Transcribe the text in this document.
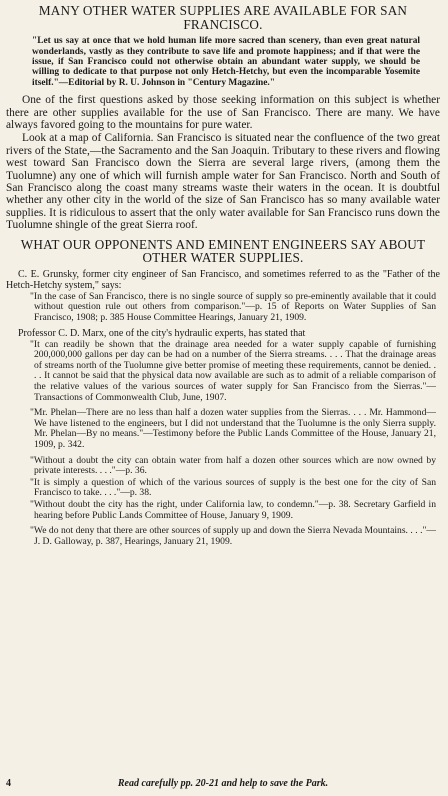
MANY OTHER WATER SUPPLIES ARE AVAILABLE FOR SAN FRANCISCO.

"Let us say at once that we hold human life more sacred than scenery, than even great natural wonderlands, vastly as they contribute to save life and promote happiness; and if that were the issue, if San Francisco could not otherwise obtain an abundant water supply, we should be willing to dedicate to that purpose not only Hetch-Hetchy, but even the incomparable Yosemite itself."—Editorial by R. U. Johnson in "Century Magazine."

One of the first questions asked by those seeking information on this subject is whether there are other supplies available for the use of San Francisco. There are many. We have always favored going to the mountains for pure water.

Look at a map of California. San Francisco is situated near the confluence of the two great rivers of the State,—the Sacramento and the San Joaquin. Tributary to these rivers and flowing west toward San Francisco down the Sierra are several large rivers, (among them the Tuolumne) any one of which will furnish ample water for San Francisco. North and South of San Francisco along the coast many streams waste their waters in the ocean. It is doubtful whether any other city in the world of the size of San Francisco has so many available water supplies. It is ridiculous to assert that the only water available for San Francisco runs down the Tuolumne shingle of the great Sierra roof.

WHAT OUR OPPONENTS AND EMINENT ENGINEERS SAY ABOUT OTHER WATER SUPPLIES.

C. E. Grunsky, former city engineer of San Francisco, and sometimes referred to as the "Father of the Hetch-Hetchy system," says:

"In the case of San Francisco, there is no single source of supply so pre-eminently available that it could without question rule out others from comparison."—p. 15 of Reports on Water Supplies of San Francisco, 1908; p. 385 House Committee Hearings, January 21, 1909.

Professor C. D. Marx, one of the city's hydraulic experts, has stated that

"It can readily be shown that the drainage area needed for a water supply capable of furnishing 200,000,000 gallons per day can be had on a number of the Sierra streams. . . . That the drainage areas of streams north of the Tuolumne give better promise of meeting these requirements, cannot be denied. . . . It cannot be said that the physical data now available are such as to admit of a reliable comparison of the relative values of the various sources of water supply for San Francisco from the Sierras."—Transactions of Commonwealth Club, June, 1907.

"Mr. Phelan—There are no less than half a dozen water supplies from the Sierras. . . . Mr. Hammond—We have listened to the engineers, but I did not understand that the Tuolumne is the only Sierra supply. Mr. Phelan—By no means."—Testimony before the Public Lands Committee of the House, January 21, 1909, p. 342.

"Without a doubt the city can obtain water from half a dozen other sources which are now owned by private interests. . . ."—p. 36.

"It is simply a question of which of the various sources of supply is the best one for the city of San Francisco to take. . . ."—p. 38.

"Without doubt the city has the right, under California law, to condemn."—p. 38. Secretary Garfield in hearing before Public Lands Committee of House, January 9, 1909.

"We do not deny that there are other sources of supply up and down the Sierra Nevada Mountains. . . ."—J. D. Galloway, p. 387, Hearings, January 21, 1909.

4	Read carefully pp. 20-21 and help to save the Park.
